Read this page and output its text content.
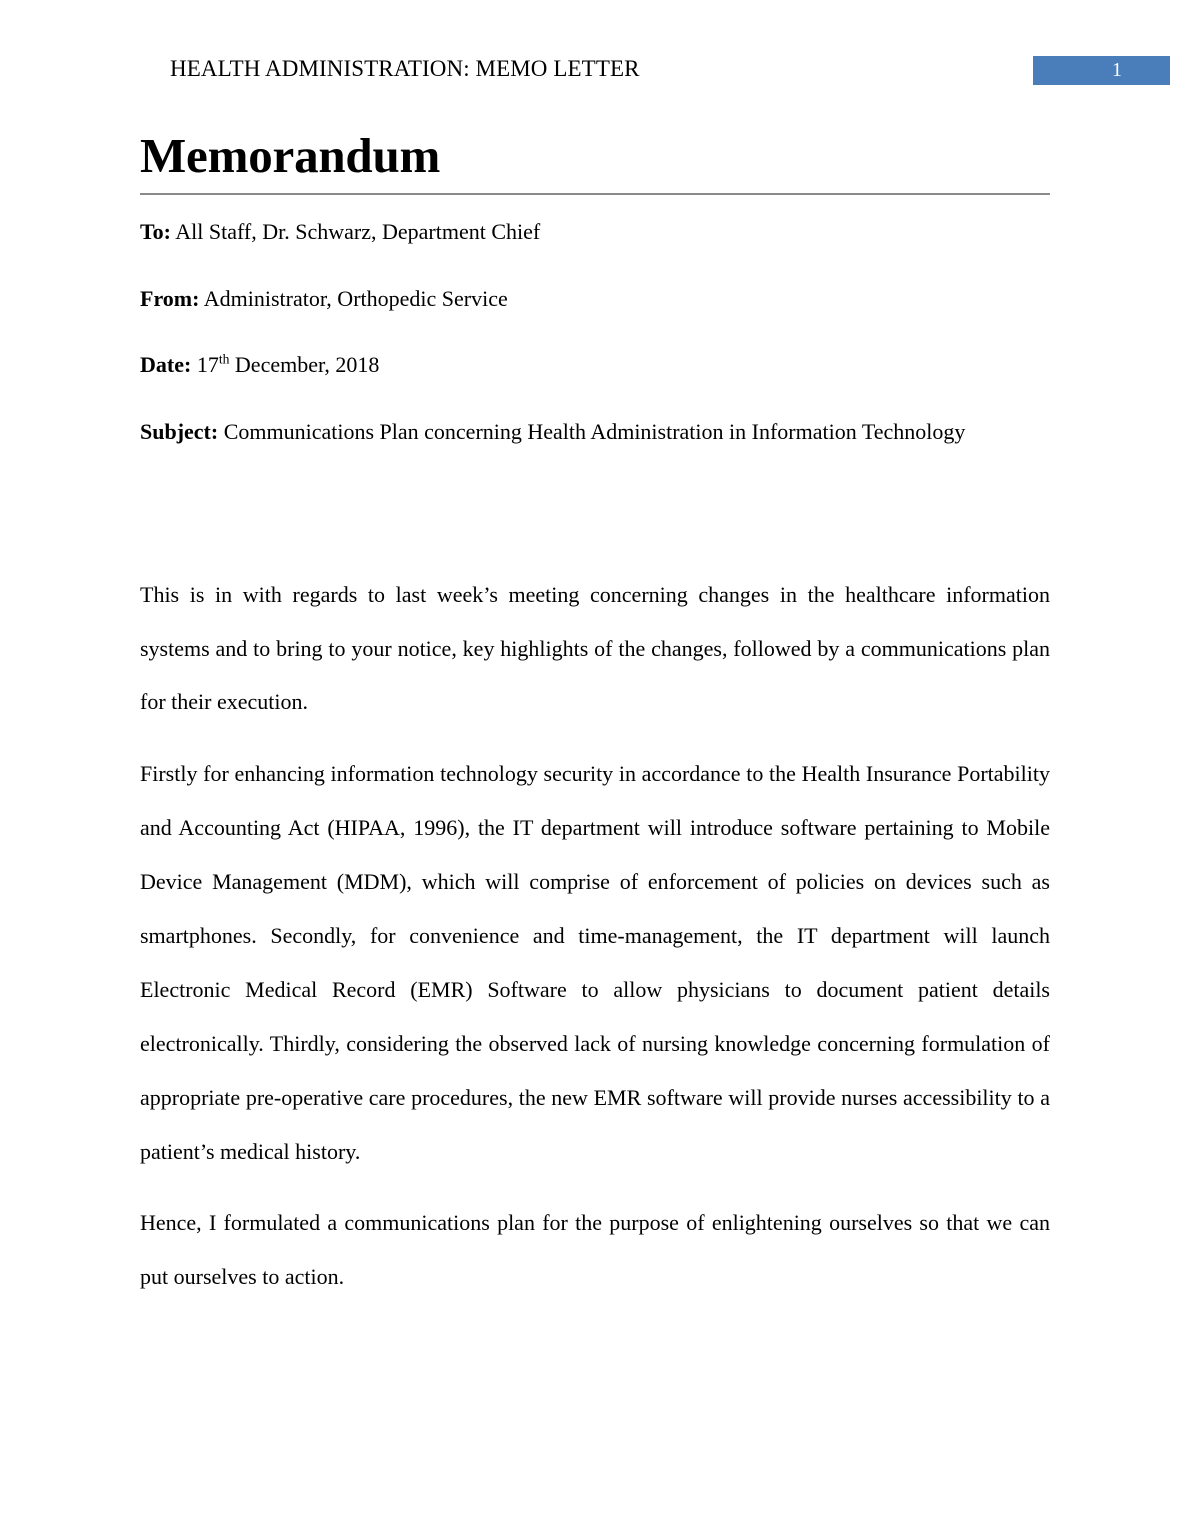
HEALTH ADMINISTRATION: MEMO LETTER	1
Memorandum

To: All Staff, Dr. Schwarz, Department Chief

From: Administrator, Orthopedic Service

Date: 17th December, 2018

Subject: Communications Plan concerning Health Administration in Information Technology

This is in with regards to last week’s meeting concerning changes in the healthcare information systems and to bring to your notice, key highlights of the changes, followed by a communications plan for their execution.

Firstly for enhancing information technology security in accordance to the Health Insurance Portability and Accounting Act (HIPAA, 1996), the IT department will introduce software pertaining to Mobile Device Management (MDM), which will comprise of enforcement of policies on devices such as smartphones. Secondly, for convenience and time-management, the IT department will launch Electronic Medical Record (EMR) Software to allow physicians to document patient details electronically. Thirdly, considering the observed lack of nursing knowledge concerning formulation of appropriate pre-operative care procedures, the new EMR software will provide nurses accessibility to a patient’s medical history.

Hence, I formulated a communications plan for the purpose of enlightening ourselves so that we can put ourselves to action.
